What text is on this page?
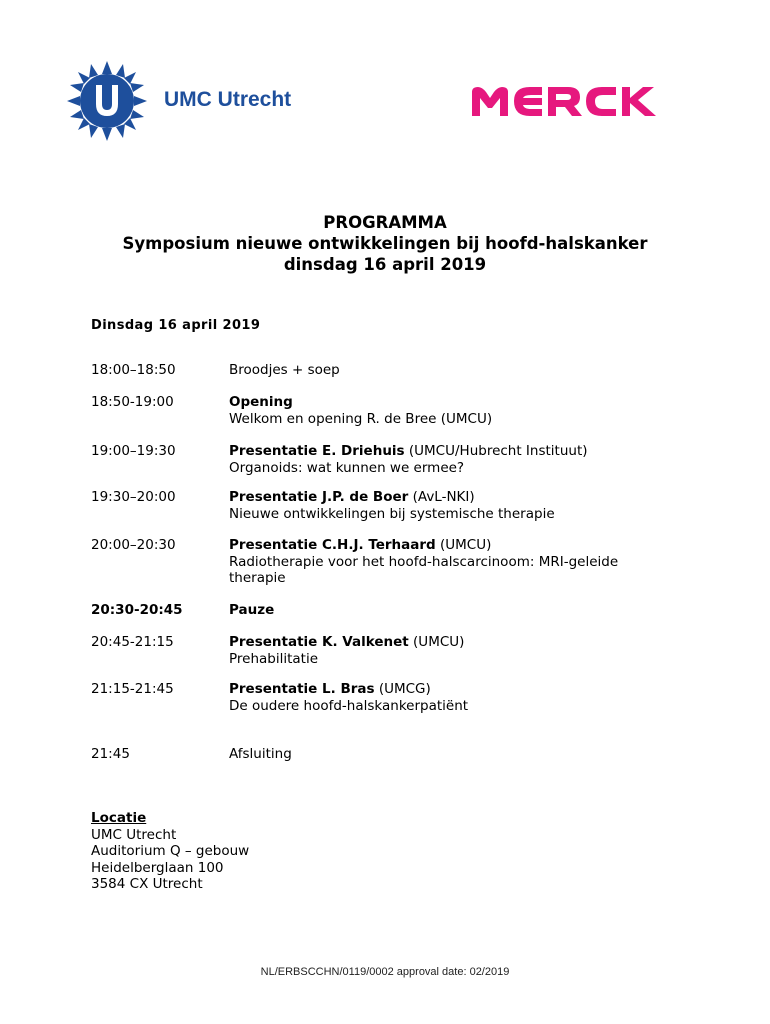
UMC Utrecht
PROGRAMMA
Symposium nieuwe ontwikkelingen bij hoofd-halskanker
dinsdag 16 april 2019
Dinsdag 16 april 2019
18:00–18:50	Broodjes + soep
18:50-19:00	Opening
Welkom en opening R. de Bree (UMCU)
19:00–19:30	Presentatie E. Driehuis (UMCU/Hubrecht Instituut)
Organoids: wat kunnen we ermee?
19:30–20:00	Presentatie J.P. de Boer (AvL-NKI)
Nieuwe ontwikkelingen bij systemische therapie
20:00–20:30	Presentatie C.H.J. Terhaard (UMCU)
Radiotherapie voor het hoofd-halscarcinoom: MRI-geleide therapie
20:30-20:45	Pauze
20:45-21:15	Presentatie K. Valkenet (UMCU)
Prehabilitatie
21:15-21:45	Presentatie L. Bras (UMCG)
De oudere hoofd-halskankerpatiënt
21:45	Afsluiting
Locatie
UMC Utrecht
Auditorium Q – gebouw
Heidelberglaan 100
3584 CX Utrecht
NL/ERBSCCHN/0119/0002 approval date: 02/2019
